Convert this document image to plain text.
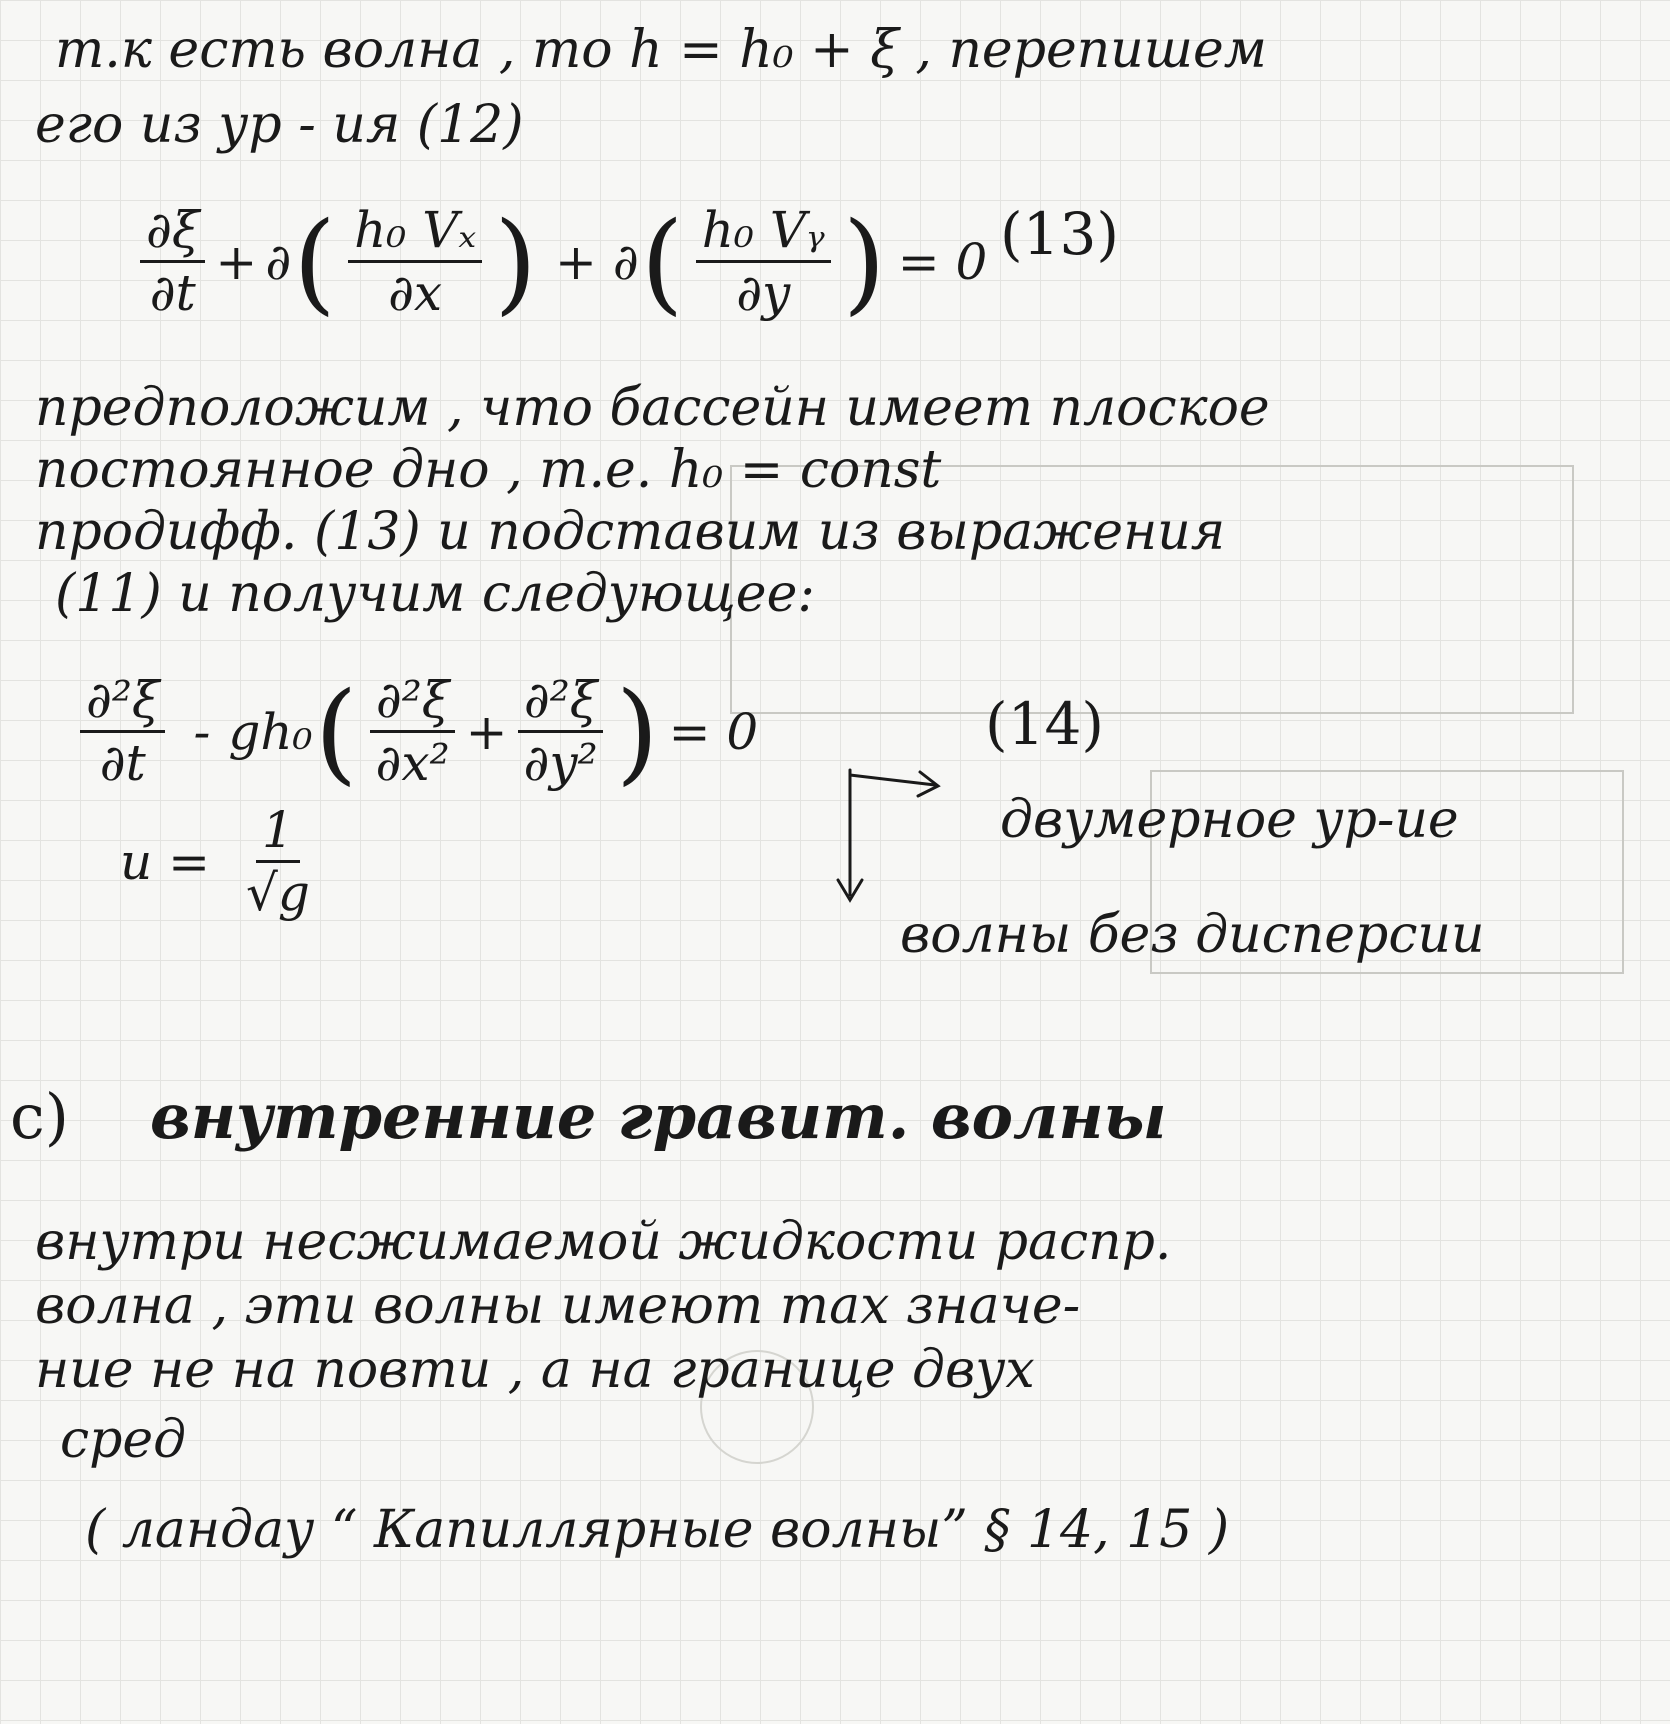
т.к есть волна , то h = h₀ + ξ , перепишем
его из ур - ия (12)
$\frac{\partial\xi}{\partial t}$ + ∂ ( $\frac{\text{h₀ Vₓ}}{\partial x}$ ) + ∂ ( $\frac{\text{h₀ Vᵧ}}{\partial y}$ ) = 0 (13)
предположим , что бассейн имеет плоское
постоянное дно , т.е. h₀ = const
продифф. (13) и подставим из выражения
(11) и получим следующее:
$\frac{\text{∂²ξ}}{\partial t} - gh_0$ ( $\frac{\text{∂²ξ}}{\text{∂x²}} + \frac{\text{∂²ξ}}{\text{∂y²}}$ ) = 0	(14)
$u = \frac{1}{√g}$	двумерное ур-ие
волны без дисперсии
c) внутренние гравит. волны
внутри несжимаемой жидкости распр.
волна , эти волны имеют max значе-
ние не на повти , а на границе двух
сред
( ландау “ Капиллярные волны” § 14, 15 )
